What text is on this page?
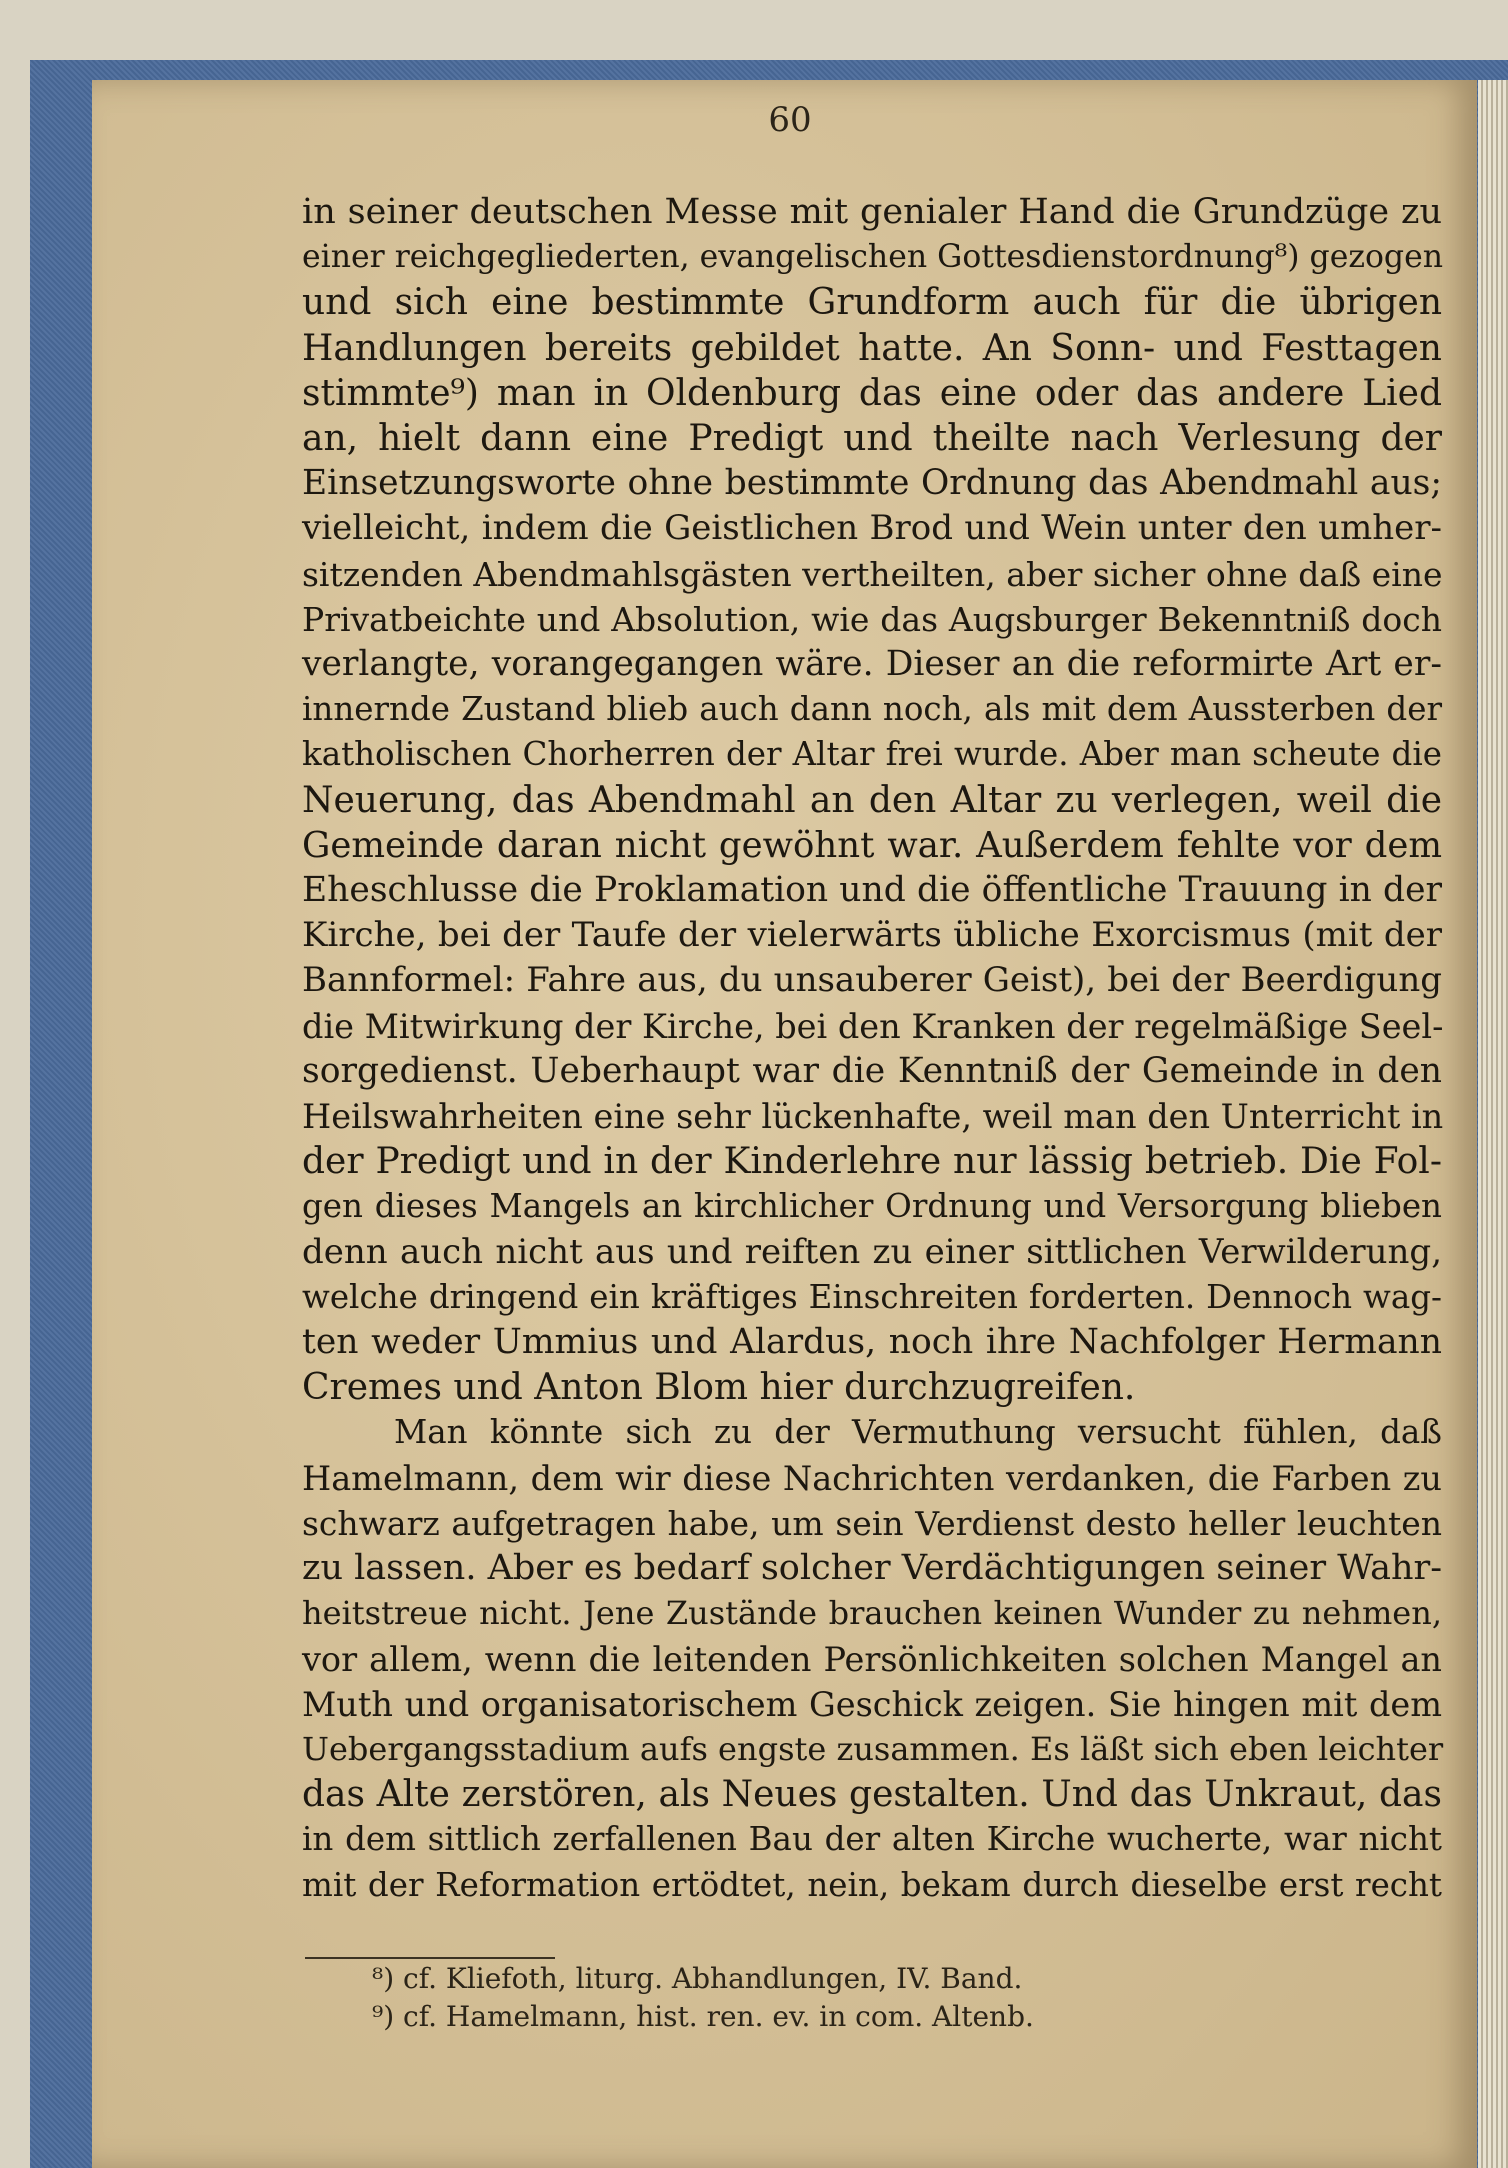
60
in seiner deutschen Messe mit genialer Hand die Grundzüge zu
einer reichgegliederten, evangelischen Gottesdienstordnung⁸) gezogen
und sich eine bestimmte Grundform auch für die übrigen
Handlungen bereits gebildet hatte. An Sonn- und Festtagen
stimmte⁹) man in Oldenburg das eine oder das andere Lied
an, hielt dann eine Predigt und theilte nach Verlesung der
Einsetzungsworte ohne bestimmte Ordnung das Abendmahl aus;
vielleicht, indem die Geistlichen Brod und Wein unter den umher-
sitzenden Abendmahlsgästen vertheilten, aber sicher ohne daß eine
Privatbeichte und Absolution, wie das Augsburger Bekenntniß doch
verlangte, vorangegangen wäre. Dieser an die reformirte Art er-
innernde Zustand blieb auch dann noch, als mit dem Aussterben der
katholischen Chorherren der Altar frei wurde. Aber man scheute die
Neuerung, das Abendmahl an den Altar zu verlegen, weil die
Gemeinde daran nicht gewöhnt war. Außerdem fehlte vor dem
Eheschlusse die Proklamation und die öffentliche Trauung in der
Kirche, bei der Taufe der vielerwärts übliche Exorcismus (mit der
Bannformel: Fahre aus, du unsauberer Geist), bei der Beerdigung
die Mitwirkung der Kirche, bei den Kranken der regelmäßige Seel-
sorgedienst. Ueberhaupt war die Kenntniß der Gemeinde in den
Heilswahrheiten eine sehr lückenhafte, weil man den Unterricht in
der Predigt und in der Kinderlehre nur lässig betrieb. Die Fol-
gen dieses Mangels an kirchlicher Ordnung und Versorgung blieben
denn auch nicht aus und reiften zu einer sittlichen Verwilderung,
welche dringend ein kräftiges Einschreiten forderten. Dennoch wag-
ten weder Ummius und Alardus, noch ihre Nachfolger Hermann
Cremes und Anton Blom hier durchzugreifen.
Man könnte sich zu der Vermuthung versucht fühlen, daß
Hamelmann, dem wir diese Nachrichten verdanken, die Farben zu
schwarz aufgetragen habe, um sein Verdienst desto heller leuchten
zu lassen. Aber es bedarf solcher Verdächtigungen seiner Wahr-
heitstreue nicht. Jene Zustände brauchen keinen Wunder zu nehmen,
vor allem, wenn die leitenden Persönlichkeiten solchen Mangel an
Muth und organisatorischem Geschick zeigen. Sie hingen mit dem
Uebergangsstadium aufs engste zusammen. Es läßt sich eben leichter
das Alte zerstören, als Neues gestalten. Und das Unkraut, das
in dem sittlich zerfallenen Bau der alten Kirche wucherte, war nicht
mit der Reformation ertödtet, nein, bekam durch dieselbe erst recht
⁸) cf. Kliefoth, liturg. Abhandlungen, IV. Band.
⁹) cf. Hamelmann, hist. ren. ev. in com. Altenb.
